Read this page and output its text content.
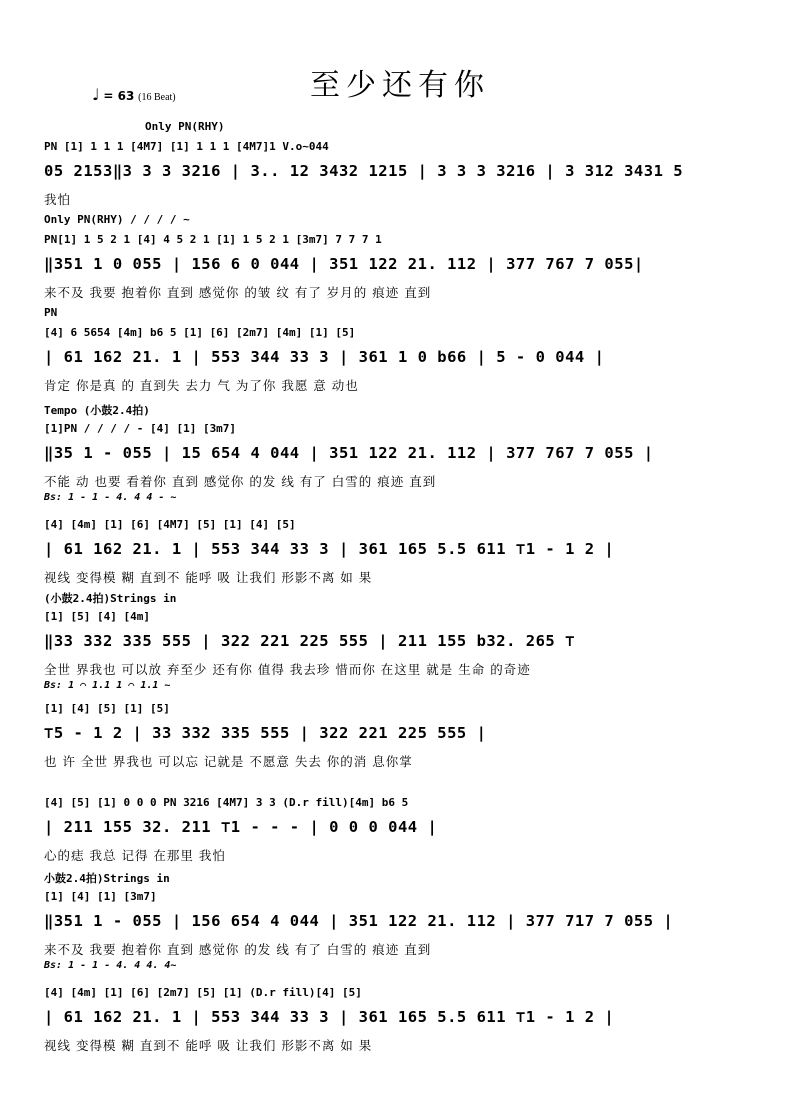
至少还有你
♩ = 63 (16 Beat)
Only PN(RHY)
PN [1] 1 1 1 [4M7] [1] 1 1 1 [4M7]1 V.o~044
05 2153‖3 3 3 3216 | 3.. 12 3432 1215 | 3 3 3 3216 | 3 312 3431 5
我怕
Only PN(RHY) / / / / ~
PN[1] 1 5 2 1 [4] 4 5 2 1 [1] 1 5 2 1 [3m7] 7 7 7 1
‖351 1 0 055 | 156 6 0 044 | 351 122 21. 112 | 377 767 7 055|
来不及 我要 抱着你 直到 感觉你 的皱 纹 有了 岁月的 痕迹 直到
PN
[4] 6 5654 [4m] b6 5 [1] [6] [2m7] [4m] [1] [5]
| 61 162 21. 1 | 553 344 33 3 | 361 1 0 b66 | 5 - 0 044 |
肯定 你是真 的 直到失 去力 气 为了你 我愿 意 动也
Tempo (小鼓2.4拍)
[1]PN / / / / - [4] [1] [3m7]
‖35 1 - 055 | 15 654 4 044 | 351 122 21. 112 | 377 767 7 055 |
不能 动 也要 看着你 直到 感觉你 的发 线 有了 白雪的 痕迹 直到
Bs: 1 - 1 - 4. 4 4 - ~
[4] [4m] [1] [6] [4M7] [5] [1] [4] [5]
| 61 162 21. 1 | 553 344 33 3 | 361 165 5.5 611 ⊤1 - 1 2 |
视线 变得模 糊 直到不 能呼 吸 让我们 形影不离 如 果
(小鼓2.4拍)Strings in
[1] [5] [4] [4m]
‖33 332 335 555 | 322 221 225 555 | 211 155 b32. 265 ⊤
全世 界我也 可以放 弃至少 还有你 值得 我去珍 惜而你 在这里 就是 生命 的奇迹
Bs: 1 ⌒ 1.1 1 ⌒ 1.1 ~
[1] [4] [5] [1] [5]
⊤5 - 1 2 | 33 332 335 555 | 322 221 225 555 |
也 许 全世 界我也 可以忘 记就是 不愿意 失去 你的消 息你掌
[4] [5] [1] 0 0 0 PN 3216 [4M7] 3 3 (D.r fill)[4m] b6 5
| 211 155 32. 211 ⊤1 - - - | 0 0 0 044 |
心的痣 我总 记得 在那里 我怕
小鼓2.4拍)Strings in
[1] [4] [1] [3m7]
‖351 1 - 055 | 156 654 4 044 | 351 122 21. 112 | 377 717 7 055 |
来不及 我要 抱着你 直到 感觉你 的发 线 有了 白雪的 痕迹 直到
Bs: 1 - 1 - 4. 4 4. 4~
[4] [4m] [1] [6] [2m7] [5] [1] (D.r fill)[4] [5]
| 61 162 21. 1 | 553 344 33 3 | 361 165 5.5 611 ⊤1 - 1 2 |
视线 变得模 糊 直到不 能呼 吸 让我们 形影不离 如 果
